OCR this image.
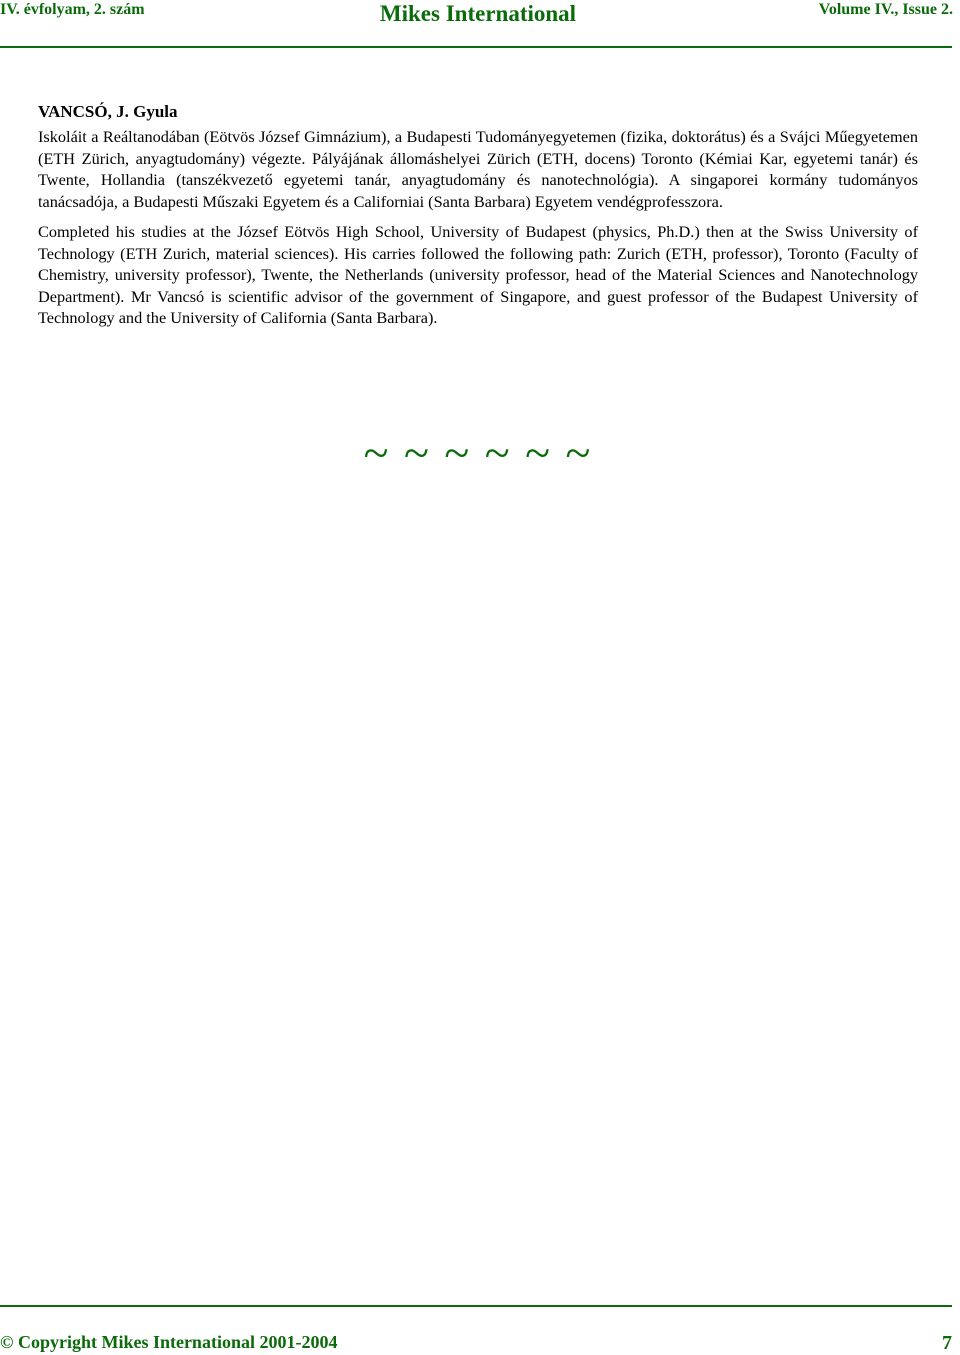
IV. évfolyam, 2. szám	Mikes International	Volume IV., Issue 2.
VANCSÓ, J. Gyula

Iskoláit a Reáltanodában (Eötvös József Gimnázium), a Budapesti Tudományegyetemen (fizika, doktorátus) és a Svájci Műegyetemen (ETH Zürich, anyagtudomány) végezte. Pályájának állomáshelyei Zürich (ETH, docens) Toronto (Kémiai Kar, egyetemi tanár) és Twente, Hollandia (tanszékvezető egyetemi tanár, anyagtudomány és nanotechnológia). A singaporei kormány tudományos tanácsadója, a Budapesti Műszaki Egyetem és a Californiai (Santa Barbara) Egyetem vendégprofesszora.

Completed his studies at the József Eötvös High School, University of Budapest (physics, Ph.D.) then at the Swiss University of Technology (ETH Zurich, material sciences). His carries followed the following path: Zurich (ETH, professor), Toronto (Faculty of Chemistry, university professor), Twente, the Netherlands (university professor, head of the Material Sciences and Nanotechnology Department). Mr Vancsó is scientific advisor of the government of Singapore, and guest professor of the Budapest University of Technology and the University of California (Santa Barbara).

~ ~ ~ ~ ~ ~
© Copyright Mikes International 2001-2004	7
